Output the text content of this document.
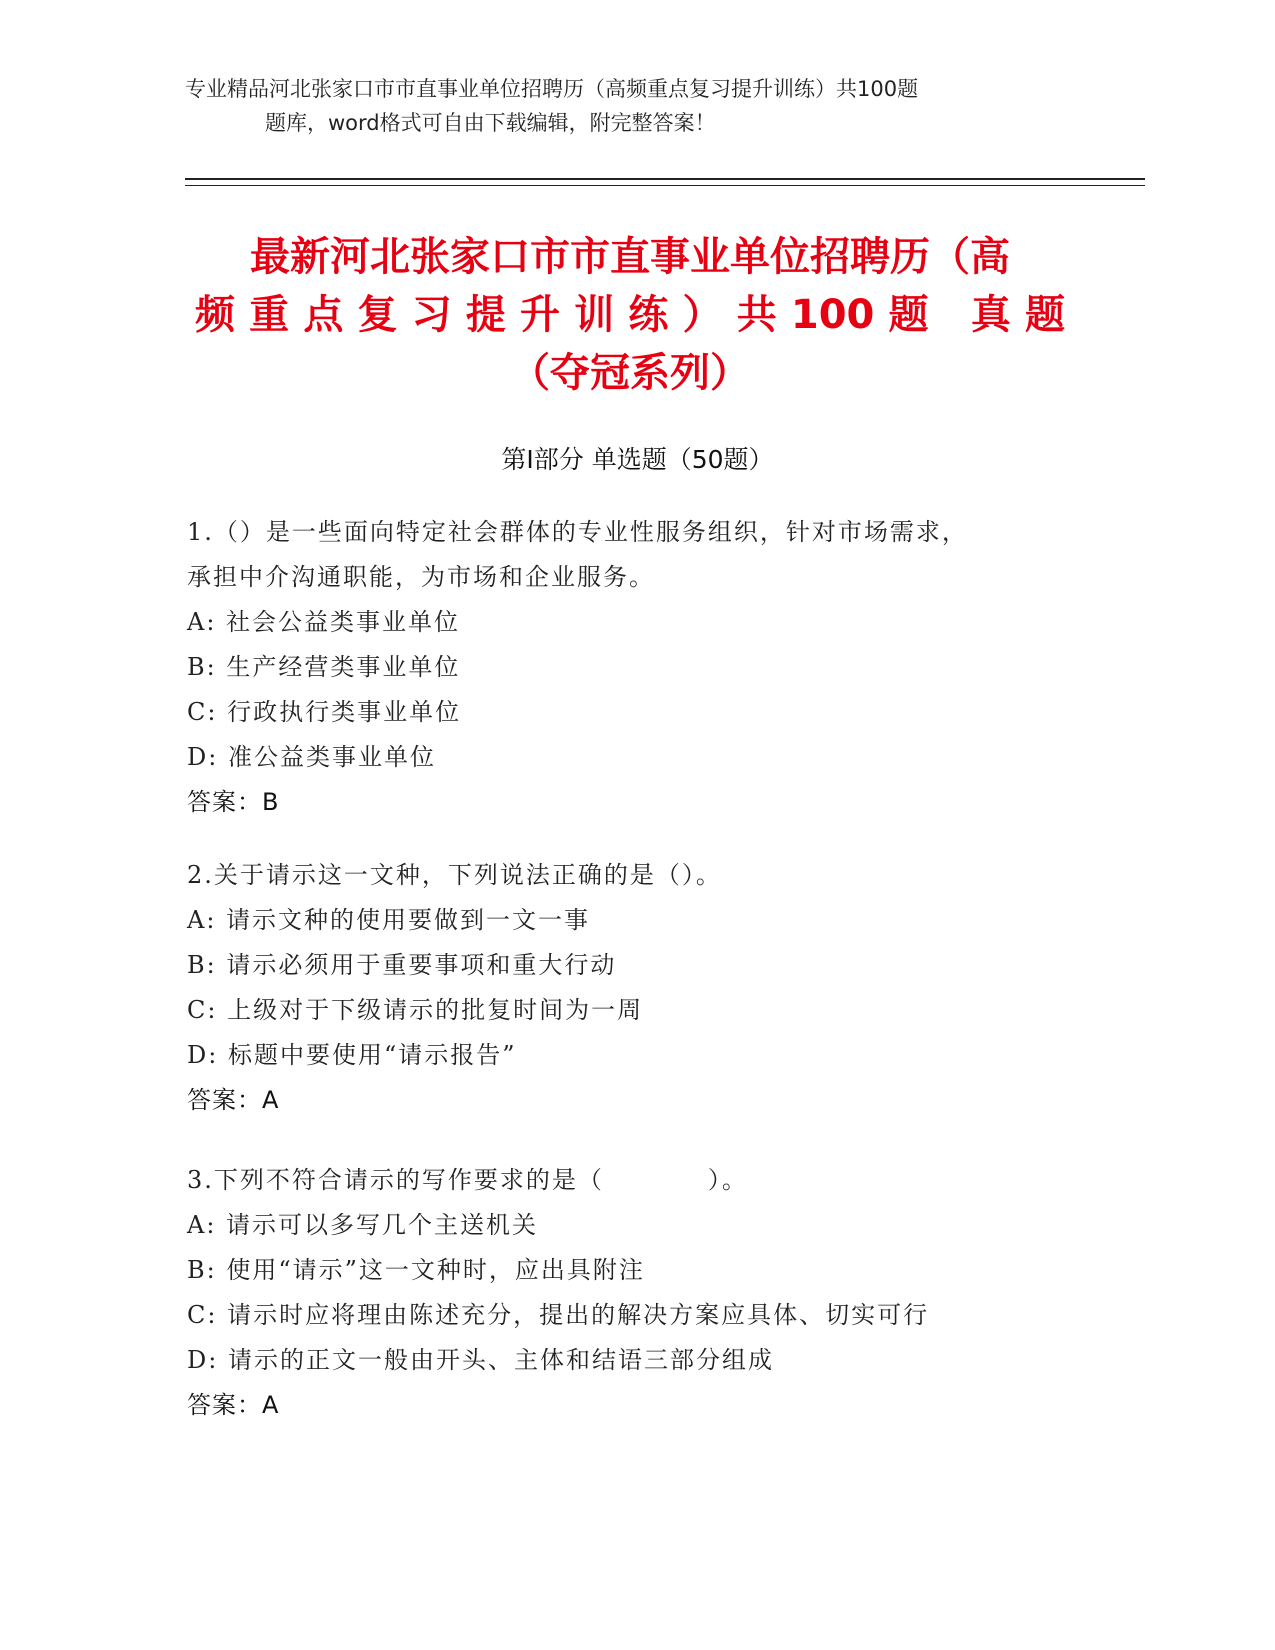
专业精品河北张家口市市直事业单位招聘历（高频重点复习提升训练）共100题
题库，word格式可自由下载编辑，附完整答案！
最新河北张家口市市直事业单位招聘历（高
频重点复习提升训练）共100题 真题
（夺冠系列）
第Ⅰ部分 单选题（50题）
1.（）是一些面向特定社会群体的专业性服务组织，针对市场需求，
承担中介沟通职能，为市场和企业服务。
A: 社会公益类事业单位
B: 生产经营类事业单位
C: 行政执行类事业单位
D: 准公益类事业单位
答案：B
2.关于请示这一文种，下列说法正确的是（）。
A: 请示文种的使用要做到一文一事
B: 请示必须用于重要事项和重大行动
C: 上级对于下级请示的批复时间为一周
D: 标题中要使用“请示报告”
答案：A
3.下列不符合请示的写作要求的是（　　　　）。
A: 请示可以多写几个主送机关
B: 使用“请示”这一文种时，应出具附注
C: 请示时应将理由陈述充分，提出的解决方案应具体、切实可行
D: 请示的正文一般由开头、主体和结语三部分组成
答案：A
